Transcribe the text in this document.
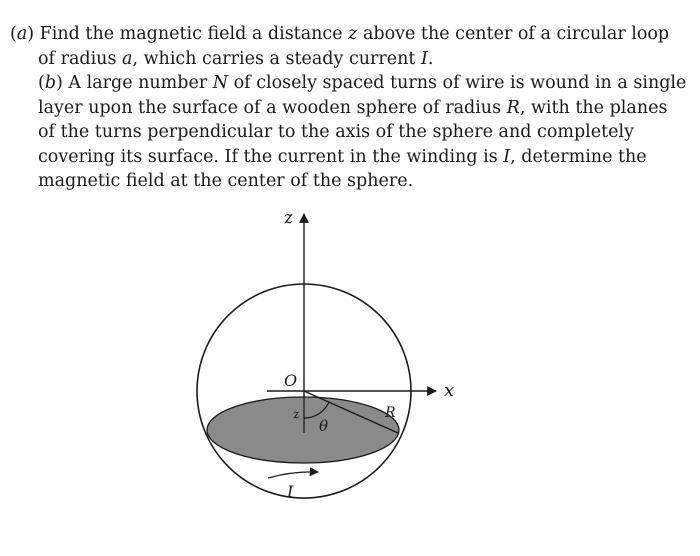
(a) Find the magnetic field a distance z above the center of a circular loop of radius a, which carries a steady current I.
(b) A large number N of closely spaced turns of wire is wound in a single layer upon the surface of a wooden sphere of radius R, with the planes of the turns perpendicular to the axis of the sphere and completely covering its surface. If the current in the winding is I, determine the magnetic field at the center of the sphere.
z
x
O
z
θ
R
I
